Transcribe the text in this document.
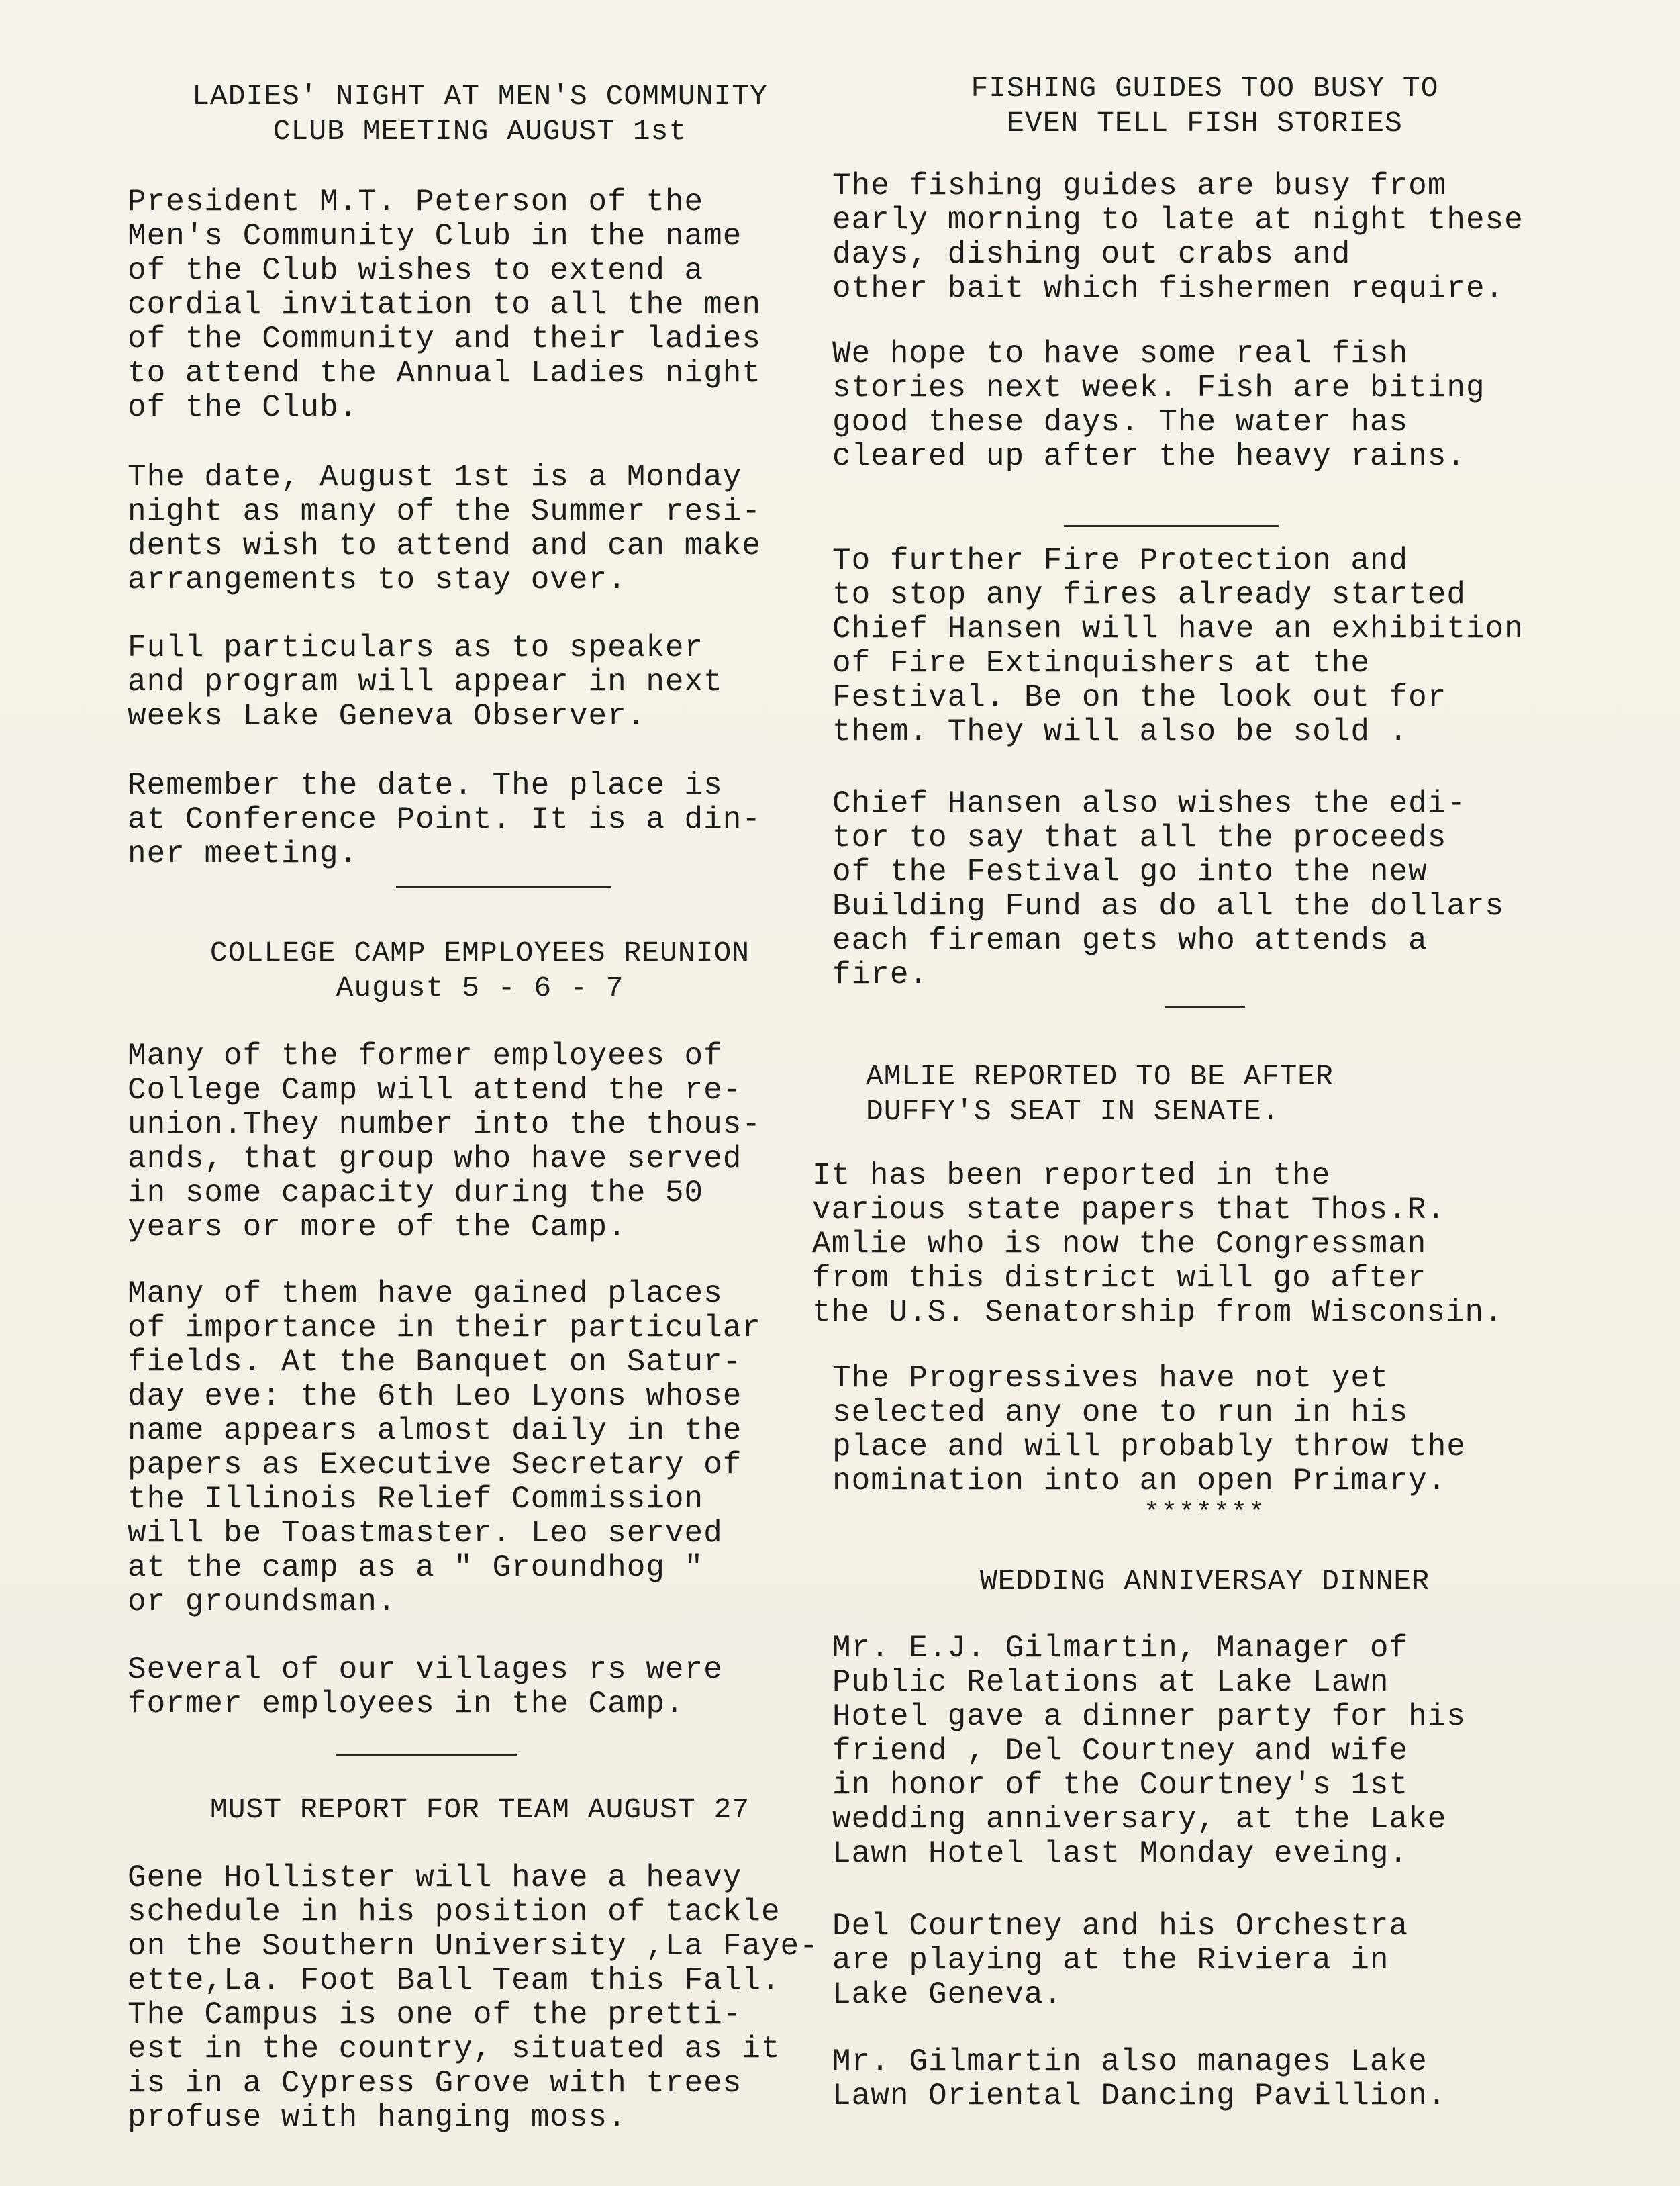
LADIES' NIGHT AT MEN'S COMMUNITY
CLUB MEETING AUGUST 1st
President M.T. Peterson of the
Men's Community Club in the name
of the Club wishes to extend a
cordial invitation to all the men
of the Community and their ladies
to attend the Annual Ladies night
of the Club.
The date, August 1st is a Monday
night as many of the Summer resi-
dents wish to attend and can make
arrangements to stay over.
Full particulars as to speaker
and program will appear in next
weeks Lake Geneva Observer.
Remember the date. The place is
at Conference Point. It is a din-
ner meeting.
COLLEGE CAMP EMPLOYEES REUNION
August 5 - 6 - 7
Many of the former employees of
College Camp will attend the re-
union.They number into the thous-
ands, that group who have served
in some capacity during the 50
years or more of the Camp.
Many of them have gained places
of importance in their particular
fields. At the Banquet on Satur-
day eve: the 6th Leo Lyons whose
name appears almost daily in the
papers as Executive Secretary of
the Illinois Relief Commission
will be Toastmaster. Leo served
at the camp as a " Groundhog "
or groundsman.
Several of our villages rs were
former employees in the Camp.
MUST REPORT FOR TEAM AUGUST 27
Gene Hollister will have a heavy
schedule in his position of tackle
on the Southern University ,La Faye-
ette,La. Foot Ball Team this Fall.
The Campus is one of the pretti-
est in the country, situated as it
is in a Cypress Grove with trees
profuse with hanging moss.
FISHING GUIDES TOO BUSY TO
EVEN TELL FISH STORIES
The fishing guides are busy from
early morning to late at night these
days, dishing out crabs and
other bait which fishermen require.
We hope to have some real fish
stories next week. Fish are biting
good these days. The water has
cleared up after the heavy rains.
To further Fire Protection and
to stop any fires already started
Chief Hansen will have an exhibition
of Fire Extinquishers at the
Festival. Be on the look out for
them. They will also be sold .
Chief Hansen also wishes the edi-
tor to say that all the proceeds
of the Festival go into the new
Building Fund as do all the dollars
each fireman gets who attends a
fire.
AMLIE REPORTED TO BE AFTER
DUFFY'S SEAT IN SENATE.
It has been reported in the
various state papers that Thos.R.
Amlie who is now the Congressman
from this district will go after
the U.S. Senatorship from Wisconsin.
The Progressives have not yet
selected any one to run in his
place and will probably throw the
nomination into an open Primary.
*******
WEDDING ANNIVERSAY DINNER
Mr. E.J. Gilmartin, Manager of
Public Relations at Lake Lawn
Hotel gave a dinner party for his
friend , Del Courtney and wife
in honor of the Courtney's 1st
wedding anniversary, at the Lake
Lawn Hotel last Monday eveing.
Del Courtney and his Orchestra
are playing at the Riviera in
Lake Geneva.
Mr. Gilmartin also manages Lake
Lawn Oriental Dancing Pavillion.
